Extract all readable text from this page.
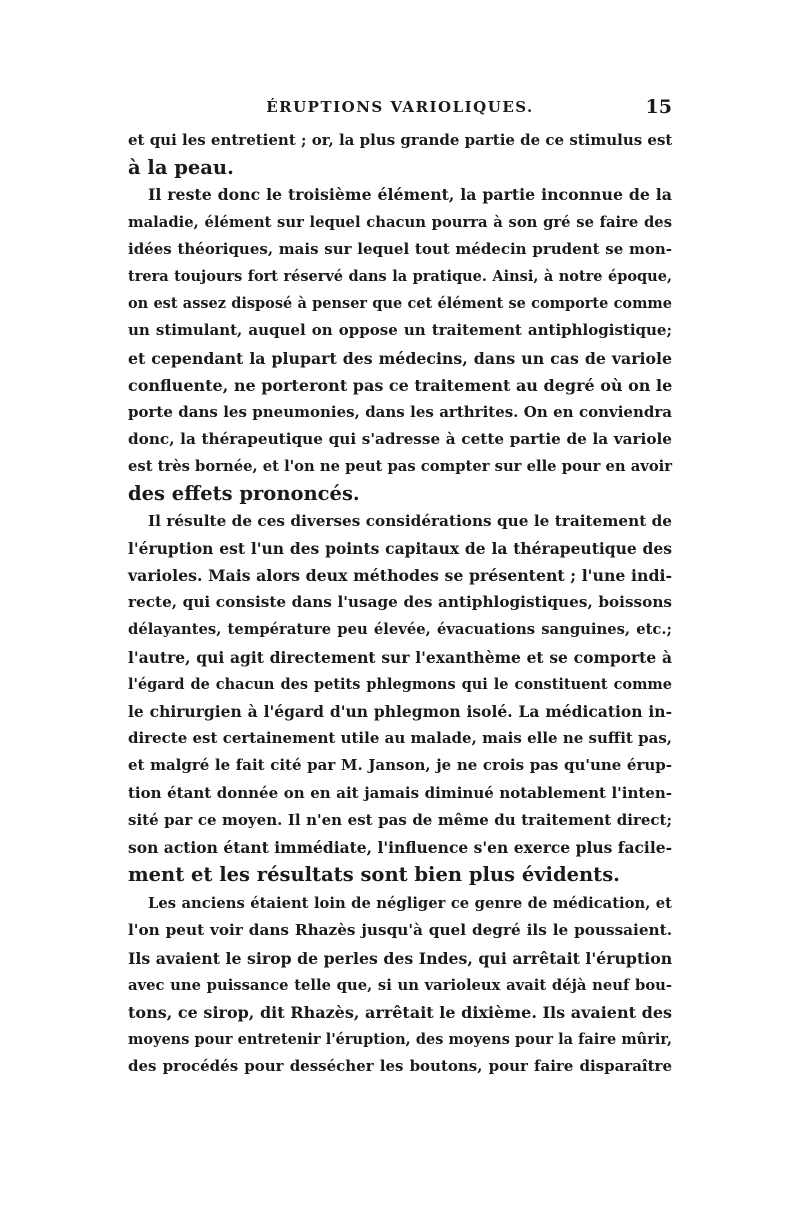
ÉRUPTIONS VARIOLIQUES.	15
et qui les entretient ; or, la plus grande partie de ce stimulus est
à la peau.
Il reste donc le troisième élément, la partie inconnue de la
maladie, élément sur lequel chacun pourra à son gré se faire des
idées théoriques, mais sur lequel tout médecin prudent se mon-
trera toujours fort réservé dans la pratique. Ainsi, à notre époque,
on est assez disposé à penser que cet élément se comporte comme
un stimulant, auquel on oppose un traitement antiphlogistique;
et cependant la plupart des médecins, dans un cas de variole
confluente, ne porteront pas ce traitement au degré où on le
porte dans les pneumonies, dans les arthrites. On en conviendra
donc, la thérapeutique qui s'adresse à cette partie de la variole
est très bornée, et l'on ne peut pas compter sur elle pour en avoir
des effets prononcés.
Il résulte de ces diverses considérations que le traitement de
l'éruption est l'un des points capitaux de la thérapeutique des
varioles. Mais alors deux méthodes se présentent ; l'une indi-
recte, qui consiste dans l'usage des antiphlogistiques, boissons
délayantes, température peu élevée, évacuations sanguines, etc.;
l'autre, qui agit directement sur l'exanthème et se comporte à
l'égard de chacun des petits phlegmons qui le constituent comme
le chirurgien à l'égard d'un phlegmon isolé. La médication in-
directe est certainement utile au malade, mais elle ne suffit pas,
et malgré le fait cité par M. Janson, je ne crois pas qu'une érup-
tion étant donnée on en ait jamais diminué notablement l'inten-
sité par ce moyen. Il n'en est pas de même du traitement direct;
son action étant immédiate, l'influence s'en exerce plus facile-
ment et les résultats sont bien plus évidents.
Les anciens étaient loin de négliger ce genre de médication, et
l'on peut voir dans Rhazès jusqu'à quel degré ils le poussaient.
Ils avaient le sirop de perles des Indes, qui arrêtait l'éruption
avec une puissance telle que, si un varioleux avait déjà neuf bou-
tons, ce sirop, dit Rhazès, arrêtait le dixième. Ils avaient des
moyens pour entretenir l'éruption, des moyens pour la faire mûrir,
des procédés pour dessécher les boutons, pour faire disparaître
